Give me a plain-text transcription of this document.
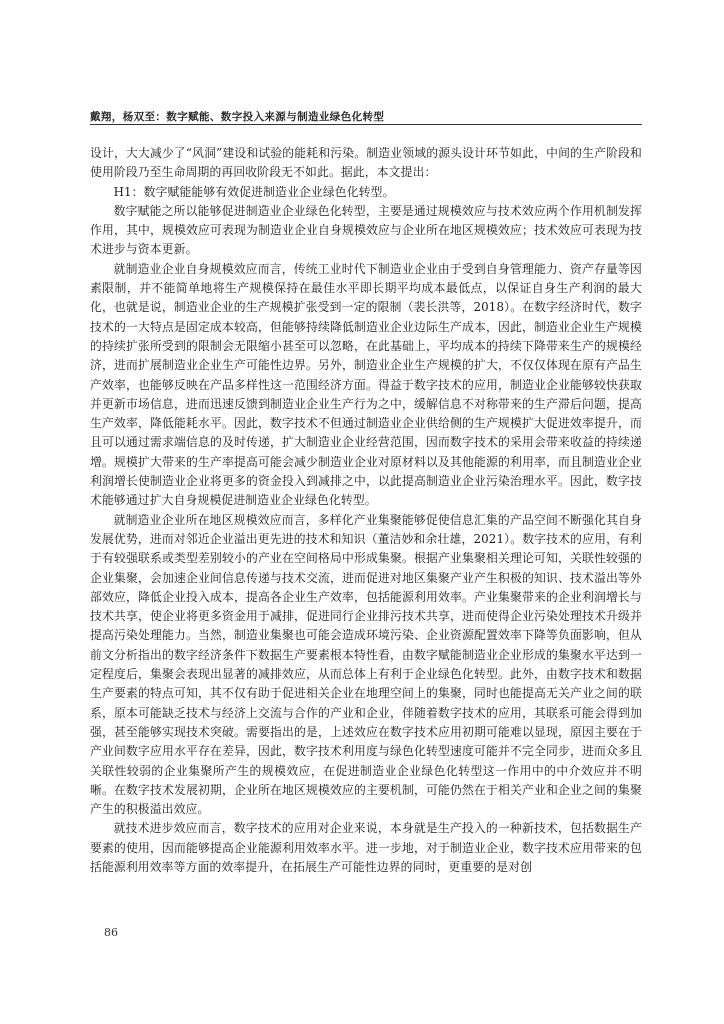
戴翔，杨双至：数字赋能、数字投入来源与制造业绿色化转型

设计，大大减少了“风洞”建设和试验的能耗和污染。制造业领域的源头设计环节如此，中间的生产阶段和使用阶段乃至生命周期的再回收阶段无不如此。据此，本文提出：

H1：数字赋能能够有效促进制造业企业绿色化转型。

数字赋能之所以能够促进制造业企业绿色化转型，主要是通过规模效应与技术效应两个作用机制发挥作用，其中，规模效应可表现为制造业企业自身规模效应与企业所在地区规模效应；技术效应可表现为技术进步与资本更新。

就制造业企业自身规模效应而言，传统工业时代下制造业企业由于受到自身管理能力、资产存量等因素限制，并不能简单地将生产规模保持在最佳水平即长期平均成本最低点，以保证自身生产利润的最大化，也就是说，制造业企业的生产规模扩张受到一定的限制（裴长洪等，2018）。在数字经济时代，数字技术的一大特点是固定成本较高，但能够持续降低制造业企业边际生产成本，因此，制造业企业生产规模的持续扩张所受到的限制会无限缩小甚至可以忽略，在此基础上，平均成本的持续下降带来生产的规模经济，进而扩展制造业企业生产可能性边界。另外，制造业企业生产规模的扩大，不仅仅体现在原有产品生产效率，也能够反映在产品多样性这一范围经济方面。得益于数字技术的应用，制造业企业能够较快获取并更新市场信息，进而迅速反馈到制造业企业生产行为之中，缓解信息不对称带来的生产滞后问题，提高生产效率，降低能耗水平。因此，数字技术不但通过制造业企业供给侧的生产规模扩大促进效率提升，而且可以通过需求端信息的及时传递，扩大制造业企业经营范围，因而数字技术的采用会带来收益的持续递增。规模扩大带来的生产率提高可能会减少制造业企业对原材料以及其他能源的利用率，而且制造业企业利润增长使制造业企业将更多的资金投入到减排之中，以此提高制造业企业污染治理水平。因此，数字技术能够通过扩大自身规模促进制造业企业绿色化转型。

就制造业企业所在地区规模效应而言，多样化产业集聚能够促使信息汇集的产品空间不断强化其自身发展优势，进而对邻近企业溢出更先进的技术和知识（董洁妙和余壮雄，2021）。数字技术的应用，有利于有较强联系或类型差别较小的产业在空间格局中形成集聚。根据产业集聚相关理论可知，关联性较强的企业集聚，会加速企业间信息传递与技术交流，进而促进对地区集聚产业产生积极的知识、技术溢出等外部效应，降低企业投入成本，提高各企业生产效率，包括能源利用效率。产业集聚带来的企业利润增长与技术共享，使企业将更多资金用于减排，促进同行企业排污技术共享，进而使得企业污染处理技术升级并提高污染处理能力。当然，制造业集聚也可能会造成环境污染、企业资源配置效率下降等负面影响，但从前文分析指出的数字经济条件下数据生产要素根本特性看，由数字赋能制造业企业形成的集聚水平达到一定程度后，集聚会表现出显著的减排效应，从而总体上有利于企业绿色化转型。此外，由数字技术和数据生产要素的特点可知，其不仅有助于促进相关企业在地理空间上的集聚，同时也能提高无关产业之间的联系，原本可能缺乏技术与经济上交流与合作的产业和企业，伴随着数字技术的应用，其联系可能会得到加强，甚至能够实现技术突破。需要指出的是，上述效应在数字技术应用初期可能难以显现，原因主要在于产业间数字应用水平存在差异，因此，数字技术利用度与绿色化转型速度可能并不完全同步，进而众多且关联性较弱的企业集聚所产生的规模效应，在促进制造业企业绿色化转型这一作用中的中介效应并不明晰。在数字技术发展初期，企业所在地区规模效应的主要机制，可能仍然在于相关产业和企业之间的集聚产生的积极溢出效应。

就技术进步效应而言，数字技术的应用对企业来说，本身就是生产投入的一种新技术，包括数据生产要素的使用，因而能够提高企业能源利用效率水平。进一步地，对于制造业企业，数字技术应用带来的包括能源利用效率等方面的效率提升，在拓展生产可能性边界的同时，更重要的是对创

86
